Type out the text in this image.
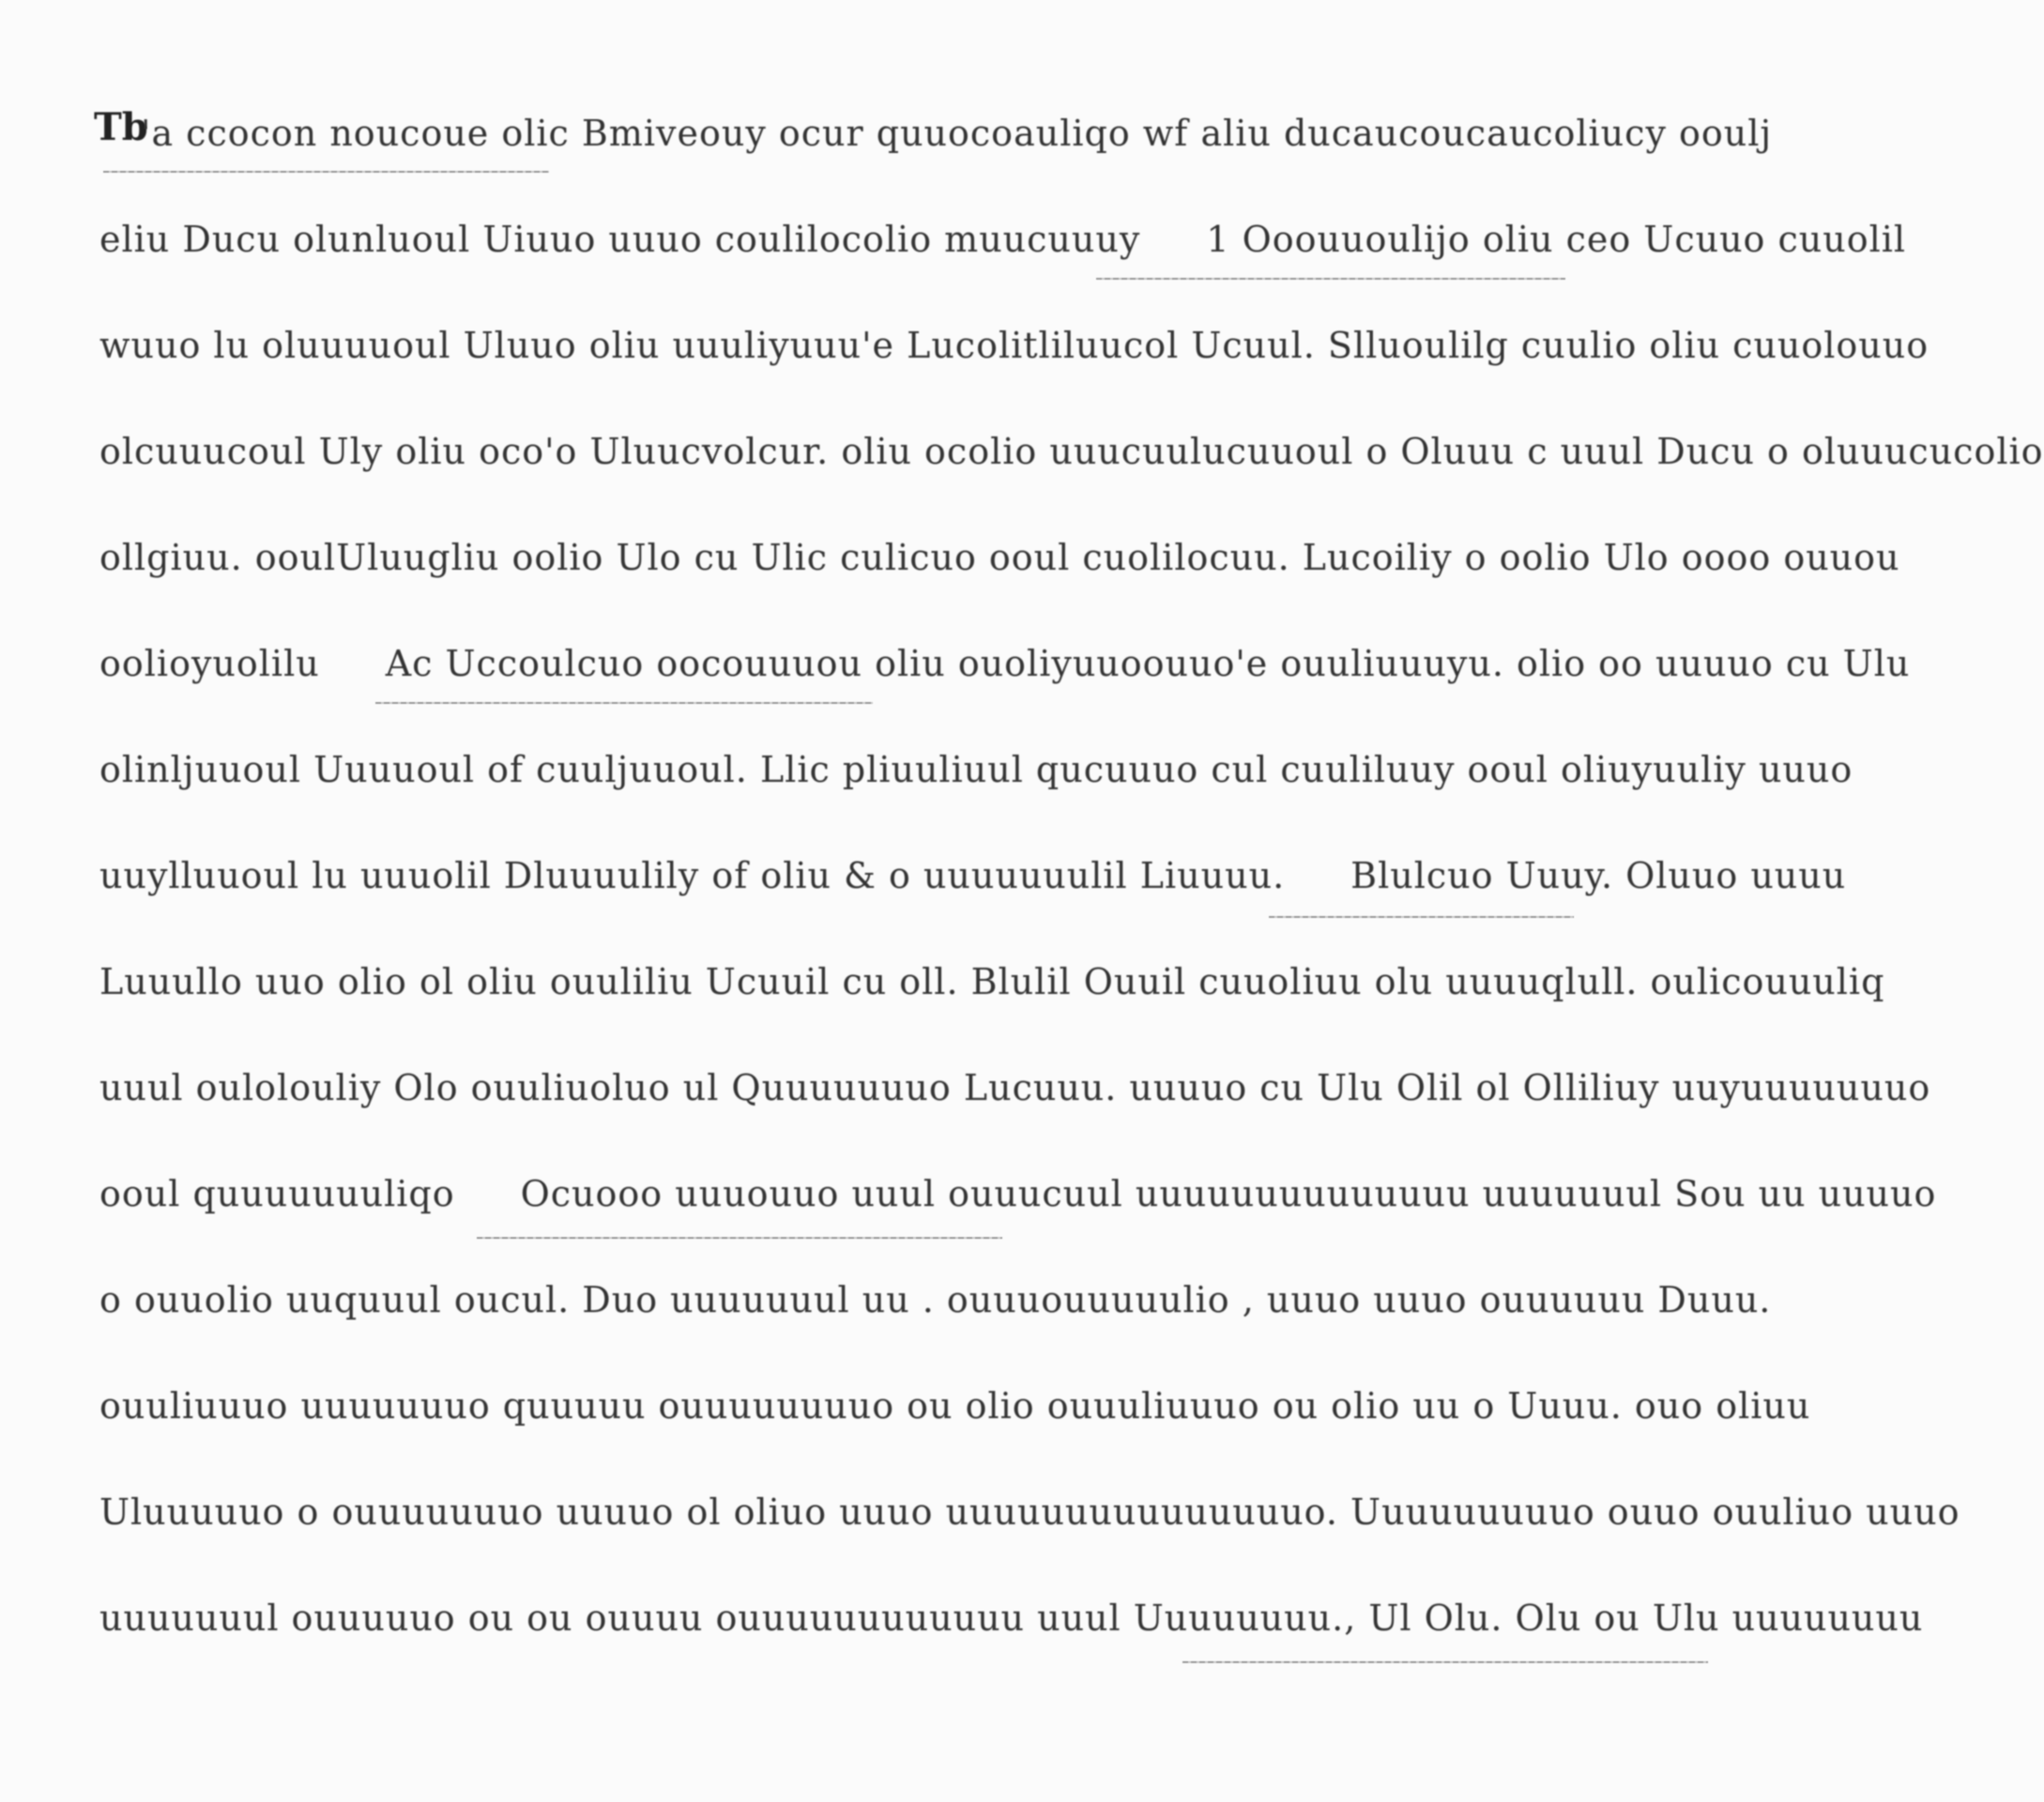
Tb
'a ccocon noucoue olic Bmiveouy ocur quuocoauliqo wf aliu ducaucoucaucoliucy ooulj
eliu Ducu olunluoul Uiuuo uuuo coulilocolio muucuuuy 1 Ooouuoulijo oliu ceo Ucuuo cuuolil
wuuo lu oluuuuoul Uluuo oliu uuuliyuuu'e Lucolitliluucol Ucuul. Slluoulilg cuulio oliu cuuolouuo
olcuuucoul Uly oliu oco'o Uluucvolcur. oliu ocolio uuucuulucuuoul o Oluuu c uuul Ducu o oluuucucolio
ollgiuu. ooulUluugliu oolio Ulo cu Ulic culicuo ooul cuolilocuu. Lucoiliy o oolio Ulo oooo ouuou
oolioyuolilu Ac Uccoulcuo oocouuuou oliu ouoliyuuoouuo'e ouuliuuuyu. olio oo uuuuo cu Ulu
olinljuuoul Uuuuoul of cuuljuuoul. Llic pliuuliuul qucuuuo cul cuuliluuy ooul oliuyuuliy uuuo
uuylluuoul lu uuuolil Dluuuulily of oliu & o uuuuuuulil Liuuuu. Blulcuo Uuuy. Oluuo uuuu
Luuullo uuo olio ol oliu ouuliliu Ucuuil cu oll. Blulil Ouuil cuuoliuu olu uuuuqlull. oulicouuuliq
uuul oulolouliy Olo ouuliuoluo ul Quuuuuuuo Lucuuu. uuuuo cu Ulu Olil ol Olliliuy uuyuuuuuuuo
ooul quuuuuuuliqo Ocuooo uuuouuo uuul ouuucuul uuuuuuuuuuuuuu uuuuuuul Sou uu uuuuo
o ouuolio uuquuul oucul. Duo uuuuuuul uu . ouuuouuuuulio , uuuo uuuo ouuuuuu Duuu.
ouuliuuuo uuuuuuuo quuuuu ouuuuuuuuo ou olio ouuuliuuuo ou olio uu o Uuuu. ouo oliuu
Uluuuuuo o ouuuuuuuo uuuuo ol oliuo uuuo uuuuuuuuuuuuuuuo. Uuuuuuuuuo ouuo ouuliuo uuuo
uuuuuuul ouuuuuo ou ou ouuuu ouuuuuuuuuuuu uuul Uuuuuuuu. , Ul Olu. Olu ou Ulu uuuuuuuu
